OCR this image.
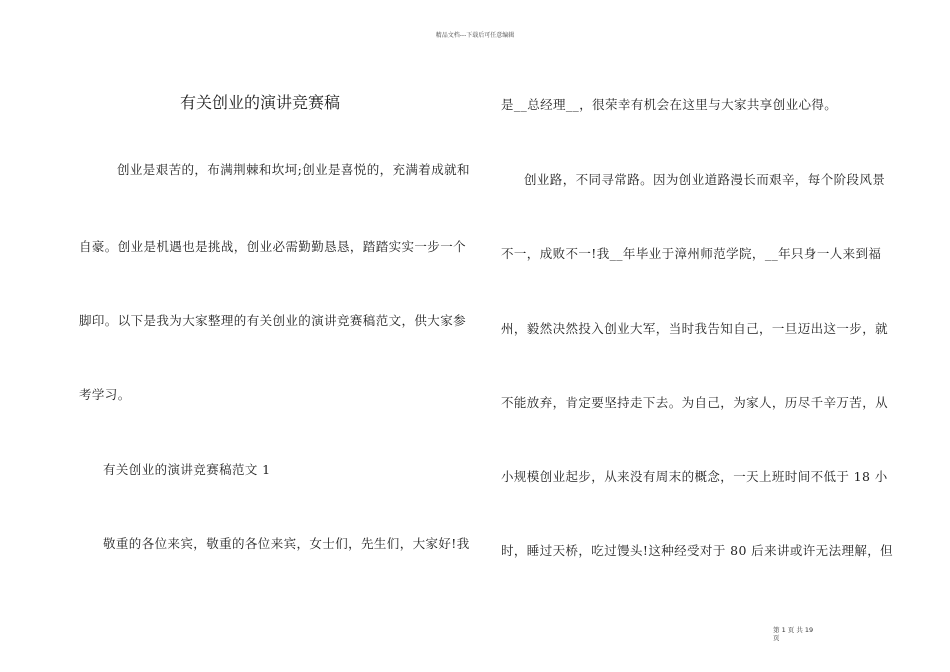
精品文档---下载后可任意编辑
有关创业的演讲竞赛稿
创业是艰苦的，布满荆棘和坎坷;创业是喜悦的，充满着成就和
自豪。创业是机遇也是挑战，创业必需勤勤恳恳，踏踏实实一步一个
脚印。以下是我为大家整理的有关创业的演讲竞赛稿范文，供大家参
考学习。
有关创业的演讲竞赛稿范文 1
敬重的各位来宾，敬重的各位来宾，女士们，先生们，大家好!我
是__总经理__，很荣幸有机会在这里与大家共享创业心得。
创业路，不同寻常路。因为创业道路漫长而艰辛，每个阶段风景
不一，成败不一!我__年毕业于漳州师范学院，__年只身一人来到福
州，毅然决然投入创业大军，当时我告知自己，一旦迈出这一步，就
不能放弃，肯定要坚持走下去。为自己，为家人，历尽千辛万苦，从
小规模创业起步，从来没有周末的概念，一天上班时间不低于 18 小
时，睡过天桥，吃过馒头!这种经受对于 80 后来讲或许无法理解，但
第 1 页 共 19
页
